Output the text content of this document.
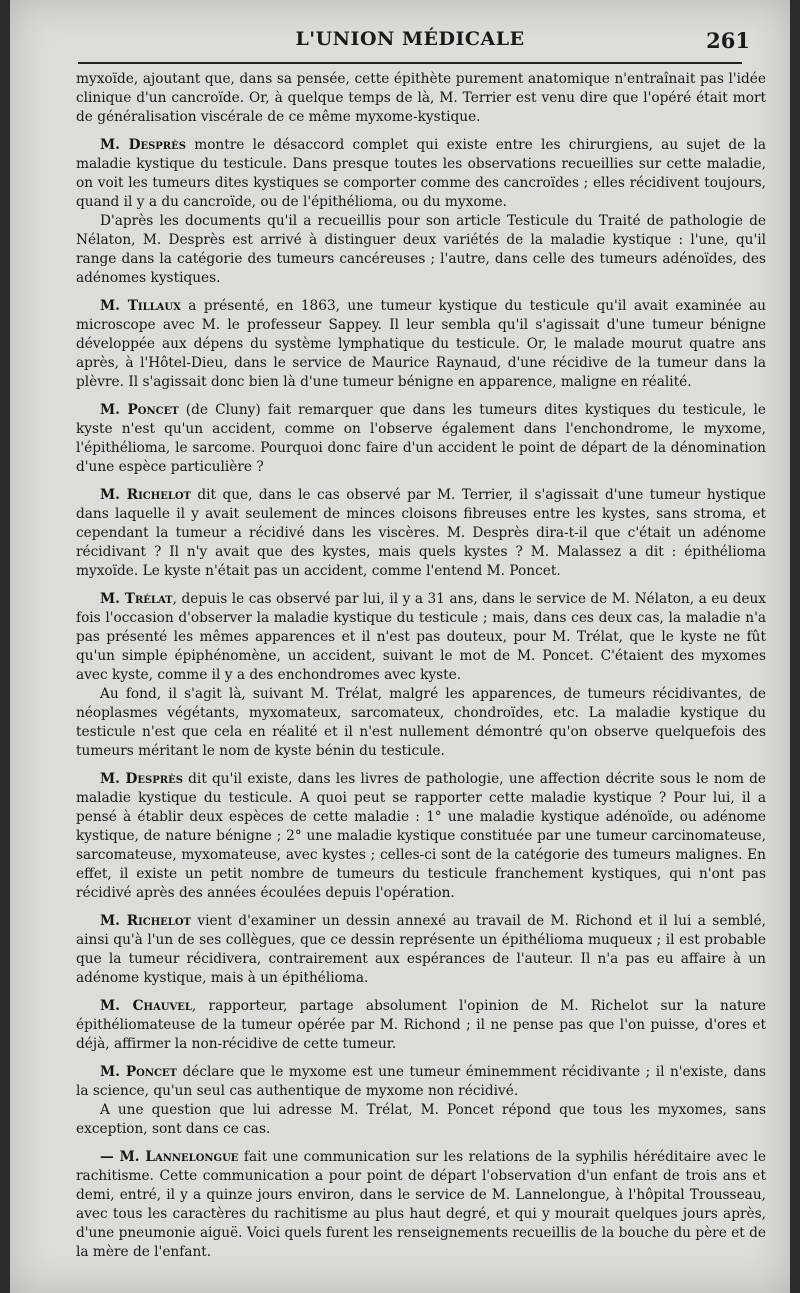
L'UNION MÉDICALE	261

myxoïde, ajoutant que, dans sa pensée, cette épithète purement anatomique n'entraînait pas l'idée clinique d'un cancroïde. Or, à quelque temps de là, M. Terrier est venu dire que l'opéré était mort de généralisation viscérale de ce même myxome-kystique.

M. Desprès montre le désaccord complet qui existe entre les chirurgiens, au sujet de la maladie kystique du testicule. Dans presque toutes les observations recueillies sur cette maladie, on voit les tumeurs dites kystiques se comporter comme des cancroïdes ; elles récidivent toujours, quand il y a du cancroïde, ou de l'épithélioma, ou du myxome.

D'après les documents qu'il a recueillis pour son article Testicule du Traité de pathologie de Nélaton, M. Desprès est arrivé à distinguer deux variétés de la maladie kystique : l'une, qu'il range dans la catégorie des tumeurs cancéreuses ; l'autre, dans celle des tumeurs adénoïdes, des adénomes kystiques.

M. Tillaux a présenté, en 1863, une tumeur kystique du testicule qu'il avait examinée au microscope avec M. le professeur Sappey. Il leur sembla qu'il s'agissait d'une tumeur bénigne développée aux dépens du système lymphatique du testicule. Or, le malade mourut quatre ans après, à l'Hôtel-Dieu, dans le service de Maurice Raynaud, d'une récidive de la tumeur dans la plèvre. Il s'agissait donc bien là d'une tumeur bénigne en apparence, maligne en réalité.

M. Poncet (de Cluny) fait remarquer que dans les tumeurs dites kystiques du testicule, le kyste n'est qu'un accident, comme on l'observe également dans l'enchondrome, le myxome, l'épithélioma, le sarcome. Pourquoi donc faire d'un accident le point de départ de la dénomination d'une espèce particulière ?

M. Richelot dit que, dans le cas observé par M. Terrier, il s'agissait d'une tumeur hystique dans laquelle il y avait seulement de minces cloisons fibreuses entre les kystes, sans stroma, et cependant la tumeur a récidivé dans les viscères. M. Desprès dira-t-il que c'était un adénome récidivant ? Il n'y avait que des kystes, mais quels kystes ? M. Malassez a dit : épithélioma myxoïde. Le kyste n'était pas un accident, comme l'entend M. Poncet.

M. Trélat, depuis le cas observé par lui, il y a 31 ans, dans le service de M. Nélaton, a eu deux fois l'occasion d'observer la maladie kystique du testicule ; mais, dans ces deux cas, la maladie n'a pas présenté les mêmes apparences et il n'est pas douteux, pour M. Trélat, que le kyste ne fût qu'un simple épiphénomène, un accident, suivant le mot de M. Poncet. C'étaient des myxomes avec kyste, comme il y a des enchondromes avec kyste.

Au fond, il s'agit là, suivant M. Trélat, malgré les apparences, de tumeurs récidivantes, de néoplasmes végétants, myxomateux, sarcomateux, chondroïdes, etc. La maladie kystique du testicule n'est que cela en réalité et il n'est nullement démontré qu'on observe quelquefois des tumeurs méritant le nom de kyste bénin du testicule.

M. Desprès dit qu'il existe, dans les livres de pathologie, une affection décrite sous le nom de maladie kystique du testicule. A quoi peut se rapporter cette maladie kystique ? Pour lui, il a pensé à établir deux espèces de cette maladie : 1° une maladie kystique adénoïde, ou adénome kystique, de nature bénigne ; 2° une maladie kystique constituée par une tumeur carcinomateuse, sarcomateuse, myxomateuse, avec kystes ; celles-ci sont de la catégorie des tumeurs malignes. En effet, il existe un petit nombre de tumeurs du testicule franchement kystiques, qui n'ont pas récidivé après des années écoulées depuis l'opération.

M. Richelot vient d'examiner un dessin annexé au travail de M. Richond et il lui a semblé, ainsi qu'à l'un de ses collègues, que ce dessin représente un épithélioma muqueux ; il est probable que la tumeur récidivera, contrairement aux espérances de l'auteur. Il n'a pas eu affaire à un adénome kystique, mais à un épithélioma.

M. Chauvel, rapporteur, partage absolument l'opinion de M. Richelot sur la nature épithéliomateuse de la tumeur opérée par M. Richond ; il ne pense pas que l'on puisse, d'ores et déjà, affirmer la non-récidive de cette tumeur.

M. Poncet déclare que le myxome est une tumeur éminemment récidivante ; il n'existe, dans la science, qu'un seul cas authentique de myxome non récidivé.

A une question que lui adresse M. Trélat, M. Poncet répond que tous les myxomes, sans exception, sont dans ce cas.

— M. Lannelongue fait une communication sur les relations de la syphilis héréditaire avec le rachitisme. Cette communication a pour point de départ l'observation d'un enfant de trois ans et demi, entré, il y a quinze jours environ, dans le service de M. Lannelongue, à l'hôpital Trousseau, avec tous les caractères du rachitisme au plus haut degré, et qui y mourait quelques jours après, d'une pneumonie aiguë. Voici quels furent les renseignements recueillis de la bouche du père et de la mère de l'enfant.
